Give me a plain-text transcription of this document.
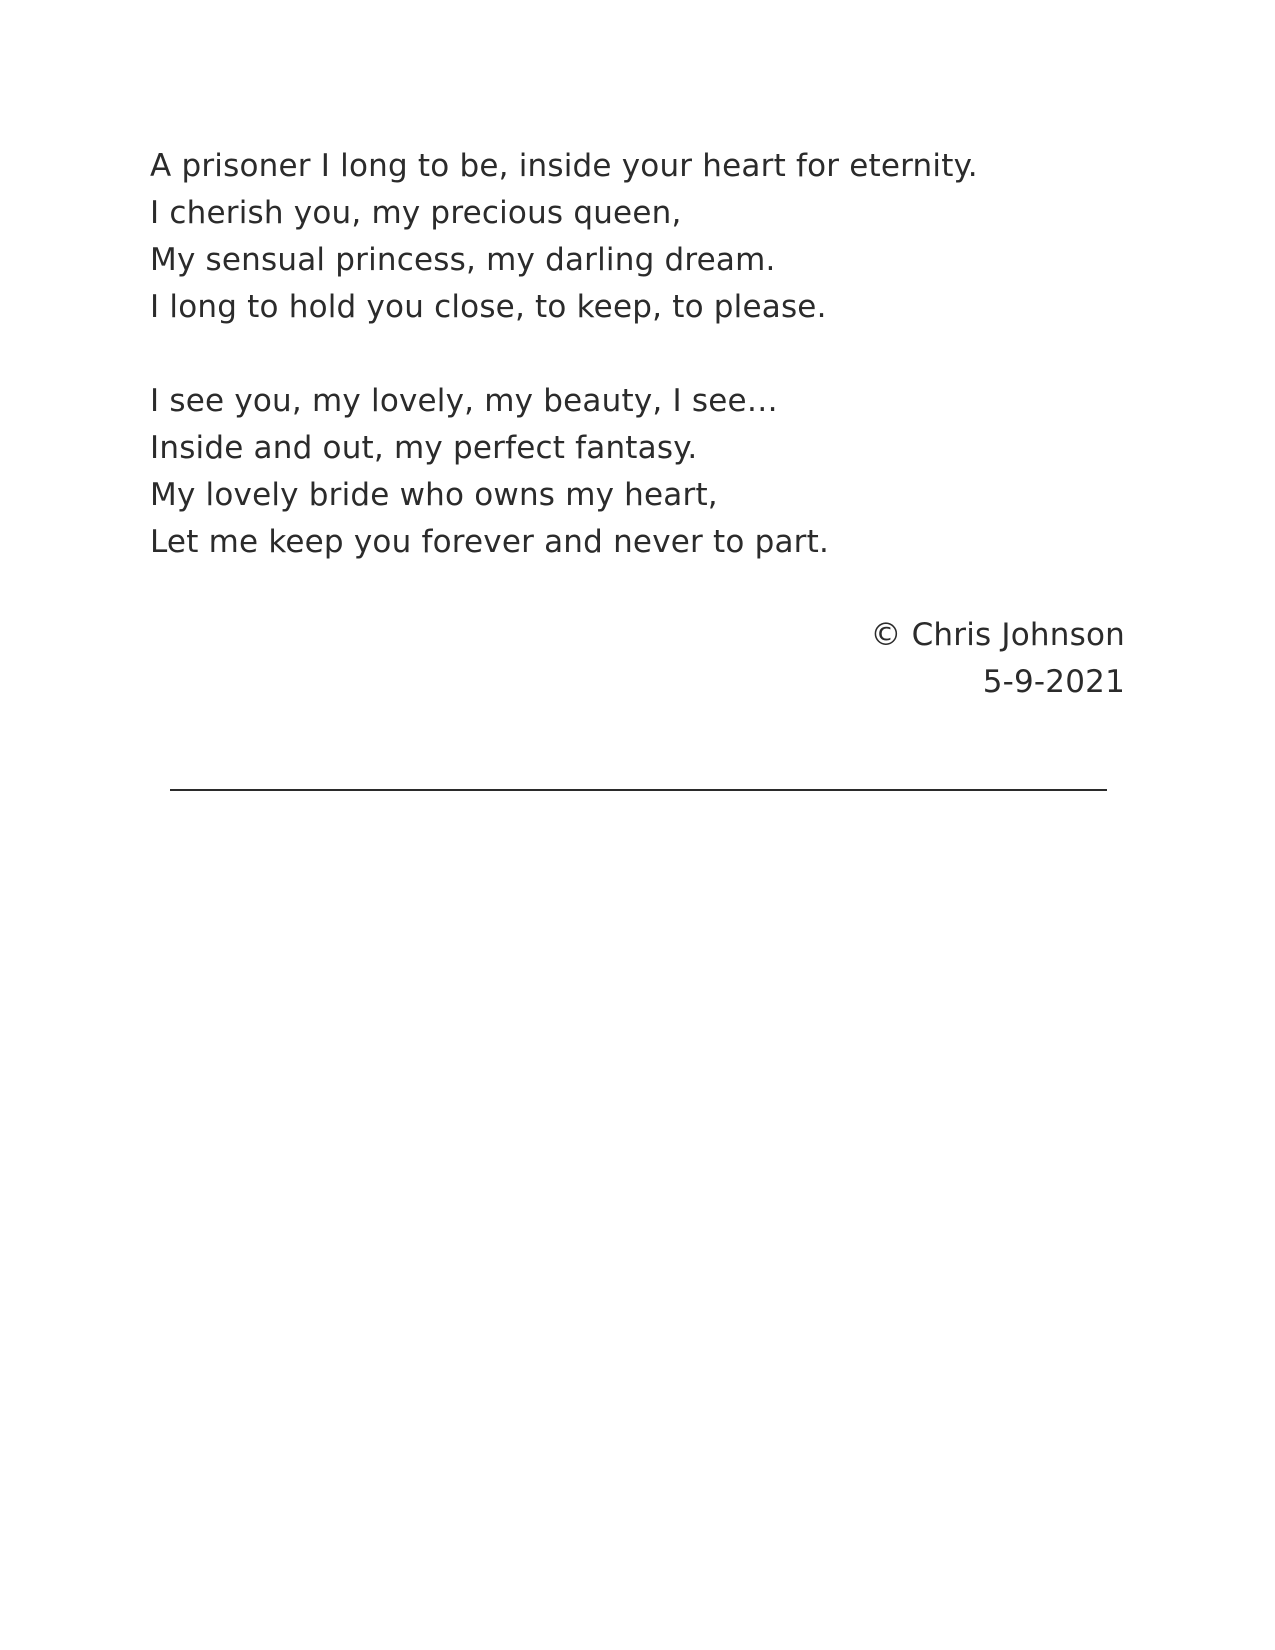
A prisoner I long to be, inside your heart for eternity.
I cherish you, my precious queen,
My sensual princess, my darling dream.
I long to hold you close, to keep, to please.
I see you, my lovely, my beauty, I see…
Inside and out, my perfect fantasy.
My lovely bride who owns my heart,
Let me keep you forever and never to part.
© Chris Johnson
5-9-2021
